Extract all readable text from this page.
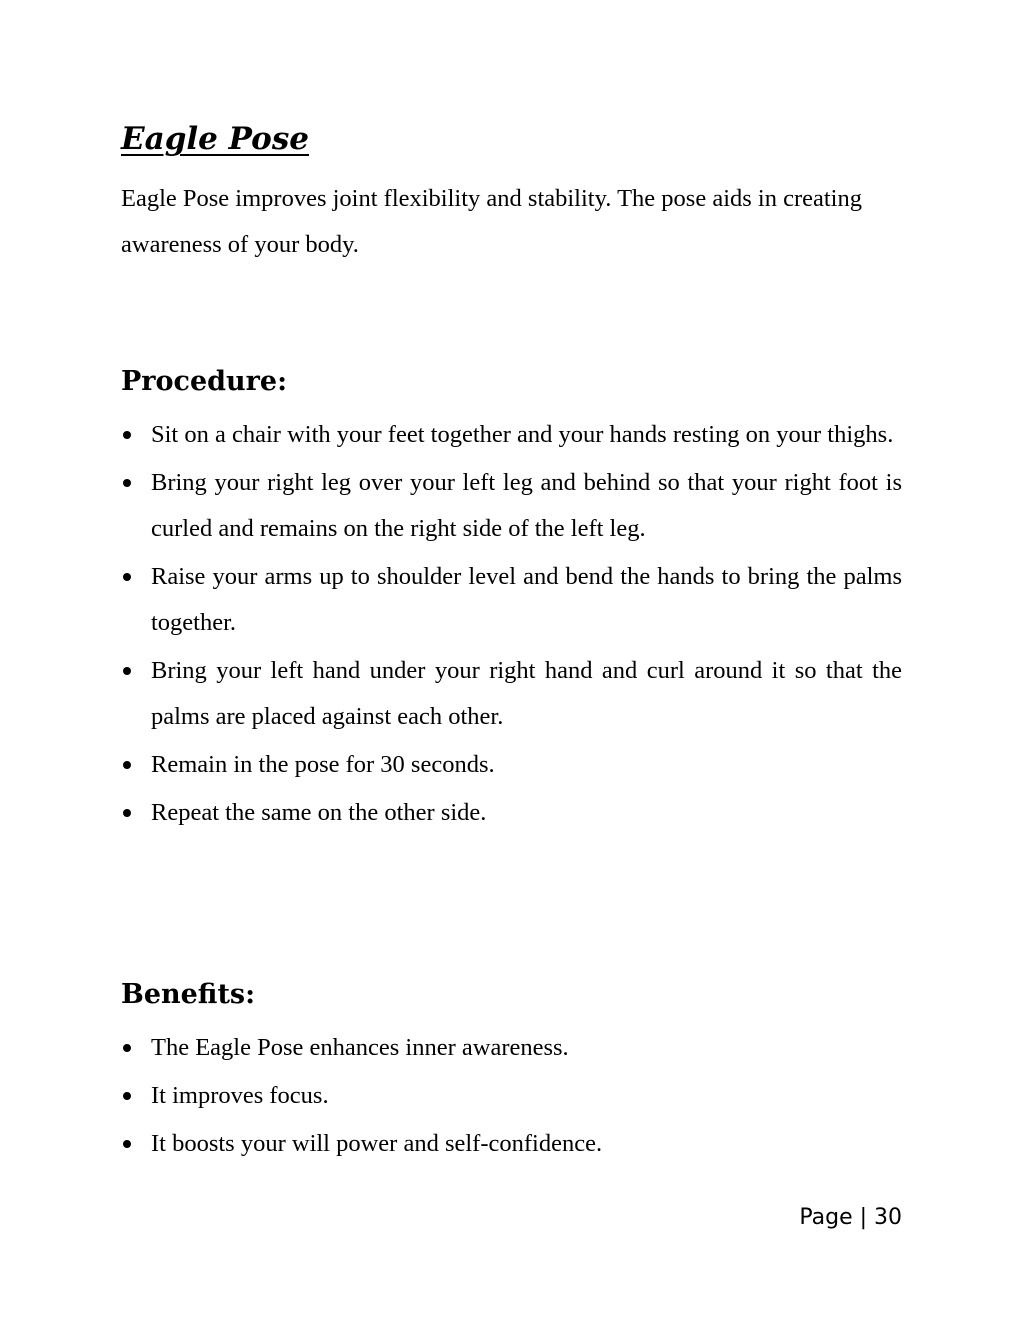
Eagle Pose

Eagle Pose improves joint flexibility and stability. The pose aids in creating awareness of your body.

Procedure:
Sit on a chair with your feet together and your hands resting on your thighs.
Bring your right leg over your left leg and behind so that your right foot is curled and remains on the right side of the left leg.
Raise your arms up to shoulder level and bend the hands to bring the palms together.
Bring your left hand under your right hand and curl around it so that the palms are placed against each other.
Remain in the pose for 30 seconds.
Repeat the same on the other side.
Benefits:
The Eagle Pose enhances inner awareness.
It improves focus.
It boosts your will power and self-confidence.

Page | 30
